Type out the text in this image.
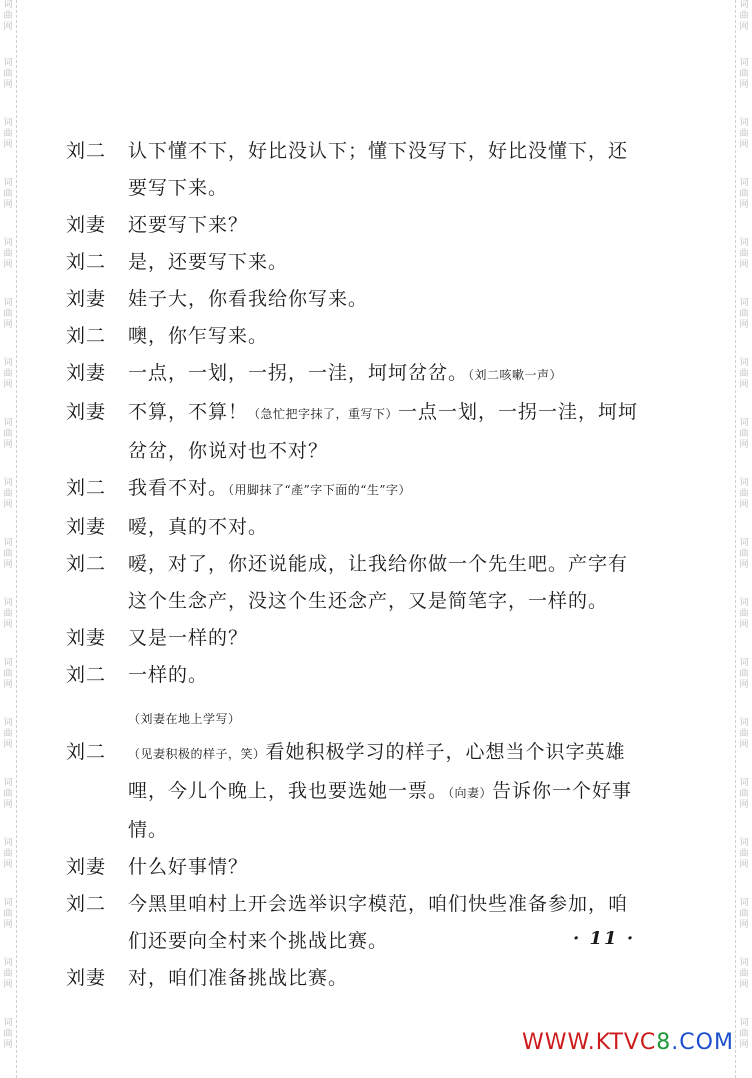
词曲网
词曲网
词曲网
词曲网
词曲网
词曲网
词曲网
词曲网
词曲网
词曲网
词曲网
词曲网
词曲网
词曲网
词曲网
词曲网
词曲网
词曲网
词曲网
词曲网
词曲网
词曲网
词曲网
词曲网
词曲网
词曲网
词曲网
词曲网
词曲网
词曲网
词曲网
词曲网
词曲网
词曲网
词曲网
词曲网
刘二	认下懂不下，好比没认下；懂下没写下，好比没懂下，还要写下来。
刘妻	还要写下来？
刘二	是，还要写下来。
刘妻	娃子大，你看我给你写来。
刘二	噢，你乍写来。
刘妻	一点，一划，一拐，一洼，坷坷岔岔。（刘二咳嗽一声）
刘妻	不算，不算！（急忙把字抹了，重写下）一点一划，一拐一洼，坷坷岔岔，你说对也不对？
刘二	我看不对。（用脚抹了“產”字下面的“生”字）
刘妻	嗳，真的不对。
刘二	嗳，对了，你还说能成，让我给你做一个先生吧。产字有这个生念产，没这个生还念产，又是简笔字，一样的。
刘妻	又是一样的？
刘二	一样的。
（刘妻在地上学写）
刘二	（见妻积极的样子，笑）看她积极学习的样子，心想当个识字英雄哩，今儿个晚上，我也要选她一票。（向妻）告诉你一个好事情。
刘妻	什么好事情？
刘二	今黑里咱村上开会选举识字模范，咱们快些准备参加，咱们还要向全村来个挑战比赛。
刘妻	对，咱们准备挑战比赛。
· 11 ·
WWW.KTVC8.COM
